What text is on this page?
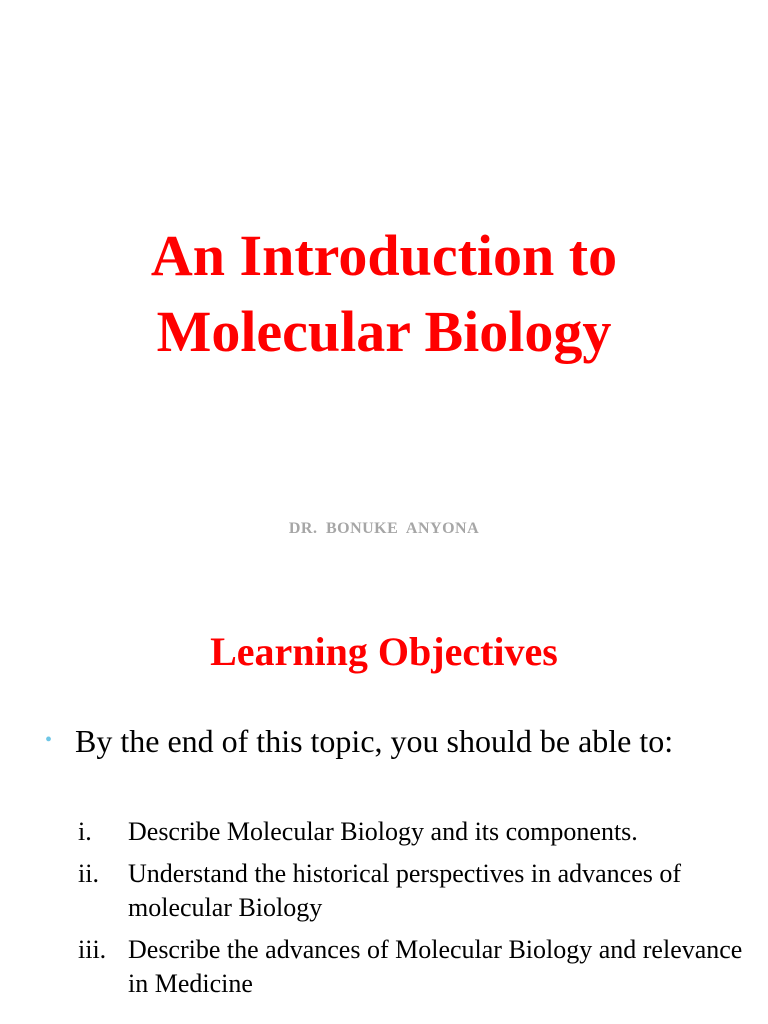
An Introduction to
Molecular Biology
DR. BONUKE ANYONA
Learning Objectives
• By the end of this topic, you should be able to:
i.	Describe Molecular Biology and its components.
ii.	Understand the historical perspectives in advances of molecular Biology
iii. Describe the advances of Molecular Biology and relevance in Medicine
